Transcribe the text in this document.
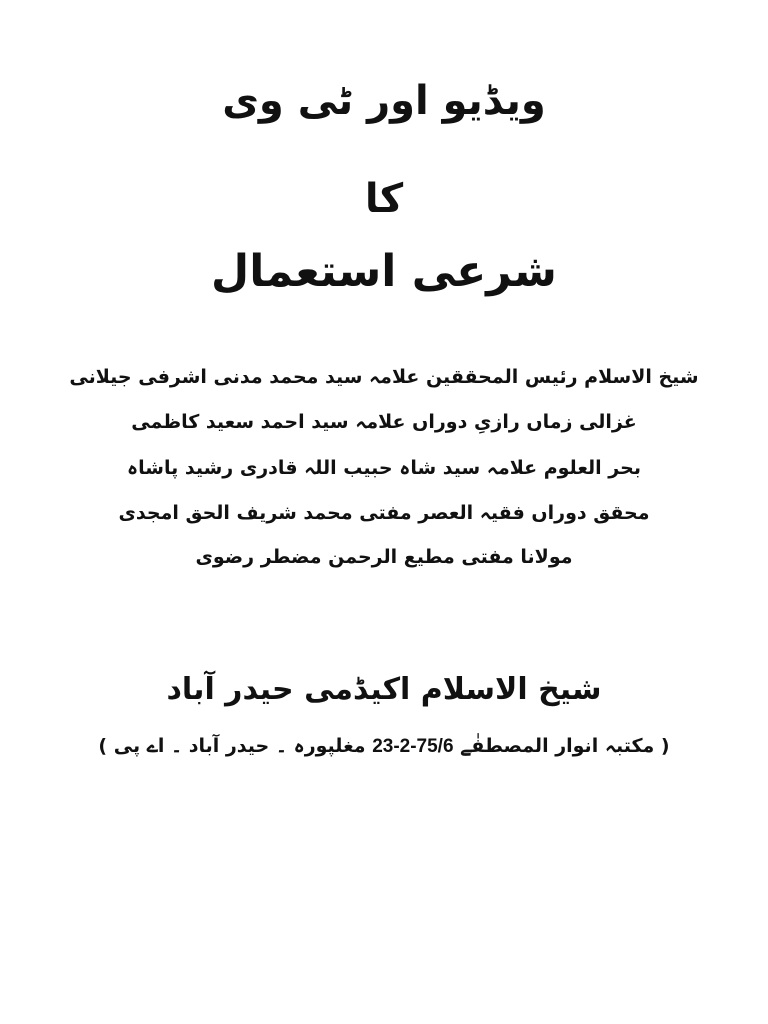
ویڈیو اور ٹی وی
کا
شرعی استعمال
شیخ الاسلام رئیس المحققین علامہ سید محمد مدنی اشرفی جیلانی
غزالی زماں رازیِ دوراں علامہ سید احمد سعید کاظمی
بحر العلوم علامہ سید شاہ حبیب اللہ قادری رشید پاشاہ
محقق دوراں فقیہ العصر مفتی محمد شریف الحق امجدی
مولانا مفتی مطیع الرحمن مضطر رضوی
شیخ الاسلام اکیڈمی حیدر آباد
( مکتبہ انوار المصطفٰے 23-2-75/6 مغلپورہ ۔ حیدر آباد ۔ اے پی )
